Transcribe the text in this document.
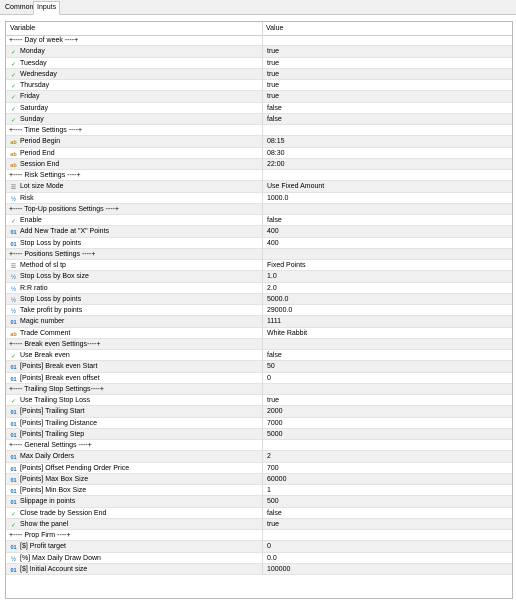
Common Inputs
Variable	Value
+---- Day of week ----+
✓ Monday	true
✓ Tuesday	true
✓ Wednesday	true
✓ Thursday	true
✓ Friday	true
✓ Saturday	false
✓ Sunday	false
+---- Time Settings ----+
ab Period Begin	08:15
ab Period End	08:30
ab Session End	22:00
+---- Risk Settings ----+
☰ Lot size Mode	Use Fixed Amount
½ Risk	1000.0
+---- Top-Up positions Settings ----+
✓ Enable	false
01 Add New Trade at "X" Points	400
01 Stop Loss by points	400
+---- Positions Settings ----+
☰ Method of sl tp	Fixed Points
½ Stop Loss by Box size	1.0
½ R:R ratio	2.0
½ Stop Loss by points	5000.0
½ Take profit by points	29000.0
01 Magic number	1111
ab Trade Comment	White Rabbit
+---- Break even Settings----+
✓ Use Break even	false
01 [Points] Break even Start	50
01 [Points] Break even offset	0
+---- Trailing Stop Settings----+
✓ Use Trailing Stop Loss	true
01 [Points] Trailing Start	2000
01 [Points] Trailing Distance	7000
01 [Points] Trailing Step	5000
+---- General Settings ----+
01 Max Daily Orders	2
01 [Points] Offset Pending Order Price	700
01 [Points] Max Box Size	60000
01 [Points] Min Box Size	1
01 Slippage in points	500
✓ Close trade by Session End	false
✓ Show the panel	true
+---- Prop Firm ----+
01 [$] Profit target	0
½ [%] Max Daily Draw Down	0.0
01 [$] Initial Account size	100000
